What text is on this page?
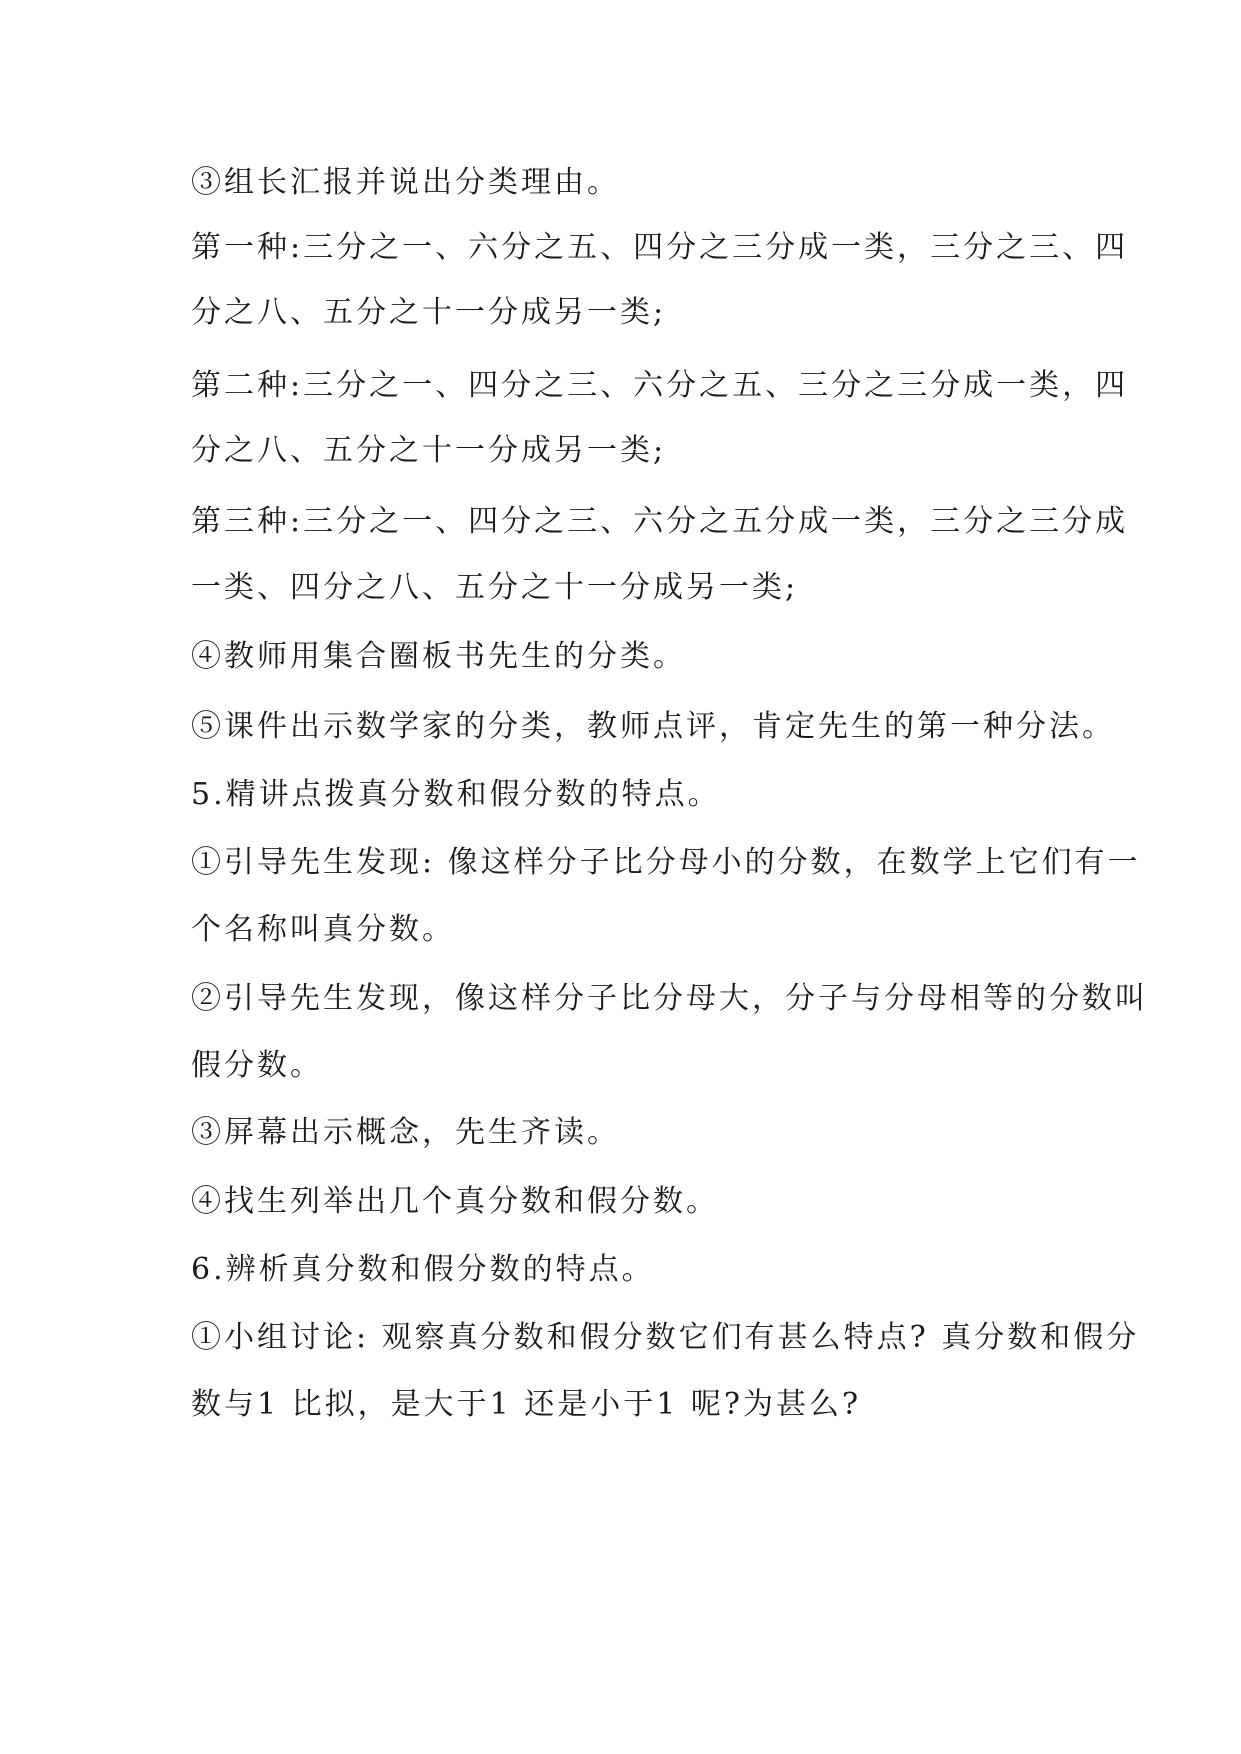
③组长汇报并说出分类理由。
第一种:三分之一、六分之五、四分之三分成一类，三分之三、四
分之八、五分之十一分成另一类;
第二种:三分之一、四分之三、六分之五、三分之三分成一类，四
分之八、五分之十一分成另一类;
第三种:三分之一、四分之三、六分之五分成一类，三分之三分成
一类、四分之八、五分之十一分成另一类;
④教师用集合圈板书先生的分类。
⑤课件出示数学家的分类，教师点评，肯定先生的第一种分法。
5.精讲点拨真分数和假分数的特点。
①引导先生发现: 像这样分子比分母小的分数，在数学上它们有一
个名称叫真分数。
②引导先生发现，像这样分子比分母大，分子与分母相等的分数叫
假分数。
③屏幕出示概念，先生齐读。
④找生列举出几个真分数和假分数。
6.辨析真分数和假分数的特点。
①小组讨论: 观察真分数和假分数它们有甚么特点? 真分数和假分
数与1 比拟，是大于1 还是小于1 呢?为甚么?
